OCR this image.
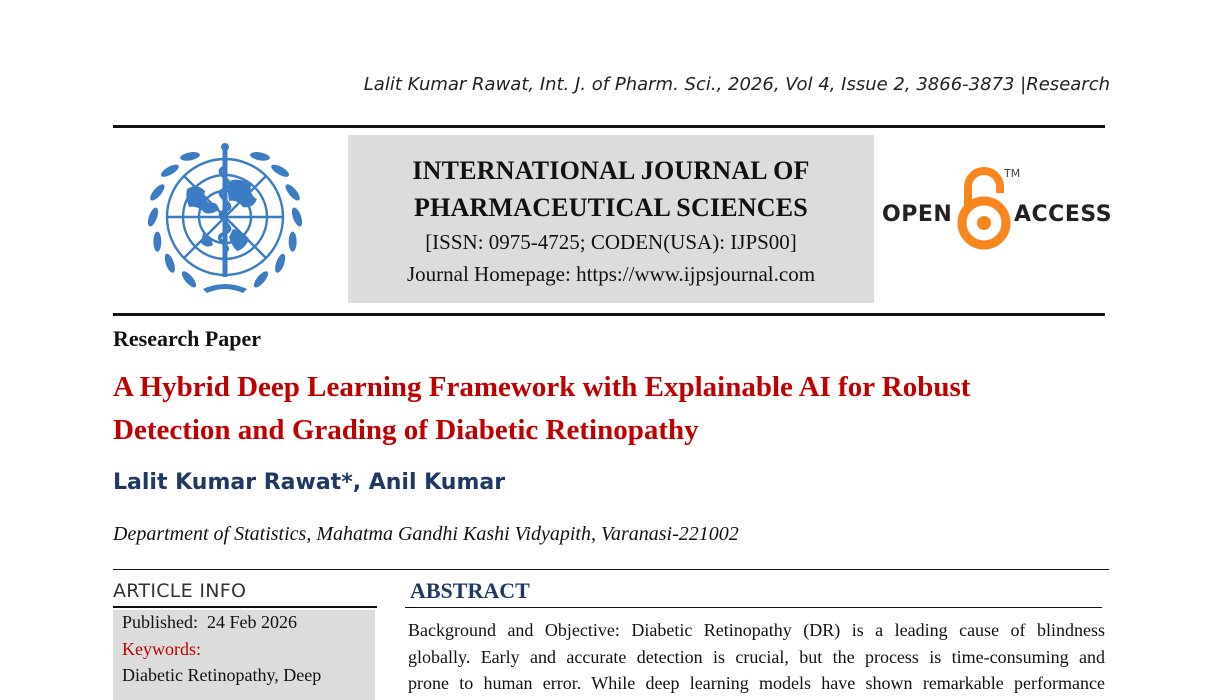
Lalit Kumar Rawat, Int. J. of Pharm. Sci., 2026, Vol 4, Issue 2, 3866-3873 |Research
INTERNATIONAL JOURNAL OF
PHARMACEUTICAL SCIENCES
[ISSN: 0975-4725; CODEN(USA): IJPS00]
Journal Homepage: https://www.ijpsjournal.com
OPEN
TM
ACCESS
Research Paper
A Hybrid Deep Learning Framework with Explainable AI for Robust
Detection and Grading of Diabetic Retinopathy
Lalit Kumar Rawat*, Anil Kumar
Department of Statistics, Mahatma Gandhi Kashi Vidyapith, Varanasi-221002
ARTICLE INFO
Published: 24 Feb 2026
Keywords:
Diabetic Retinopathy, Deep
ABSTRACT
Background and Objective: Diabetic Retinopathy (DR) is a leading cause of blindness
globally. Early and accurate detection is crucial, but the process is time-consuming and
prone to human error. While deep learning models have shown remarkable performance
